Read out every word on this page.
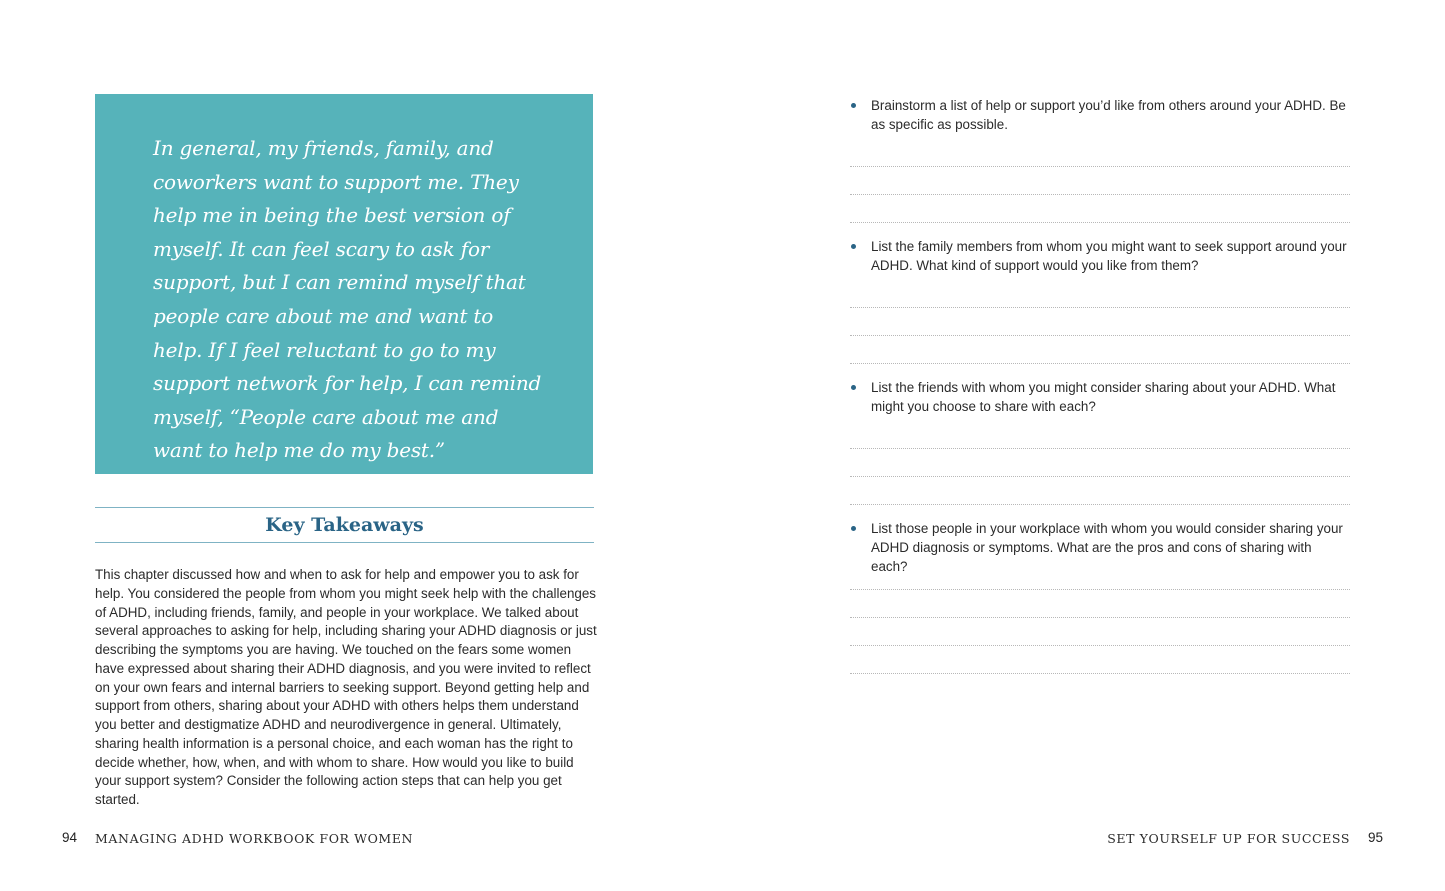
In general, my friends, family, and coworkers want to support me. They help me in being the best version of myself. It can feel scary to ask for support, but I can remind myself that people care about me and want to help. If I feel reluctant to go to my support network for help, I can remind myself, “People care about me and want to help me do my best.”

Key Takeaways

This chapter discussed how and when to ask for help and empower you to ask for help. You considered the people from whom you might seek help with the challenges of ADHD, including friends, family, and people in your workplace. We talked about several approaches to asking for help, including sharing your ADHD diagnosis or just describing the symptoms you are having. We touched on the fears some women have expressed about sharing their ADHD diagnosis, and you were invited to reflect on your own fears and internal barriers to seeking support. Beyond getting help and support from others, sharing about your ADHD with others helps them understand you better and destigmatize ADHD and neurodivergence in general. Ultimately, sharing health information is a personal choice, and each woman has the right to decide whether, how, when, and with whom to share. How would you like to build your support system? Consider the following action steps that can help you get started.

Brainstorm a list of help or support you’d like from others around your ADHD. Be as specific as possible.

List the family members from whom you might want to seek support around your ADHD. What kind of support would you like from them?

List the friends with whom you might consider sharing about your ADHD. What might you choose to share with each?

List those people in your workplace with whom you would consider sharing your ADHD diagnosis or symptoms. What are the pros and cons of sharing with each?

94 MANAGING ADHD WORKBOOK FOR WOMEN	SET YOURSELF UP FOR SUCCESS 95
